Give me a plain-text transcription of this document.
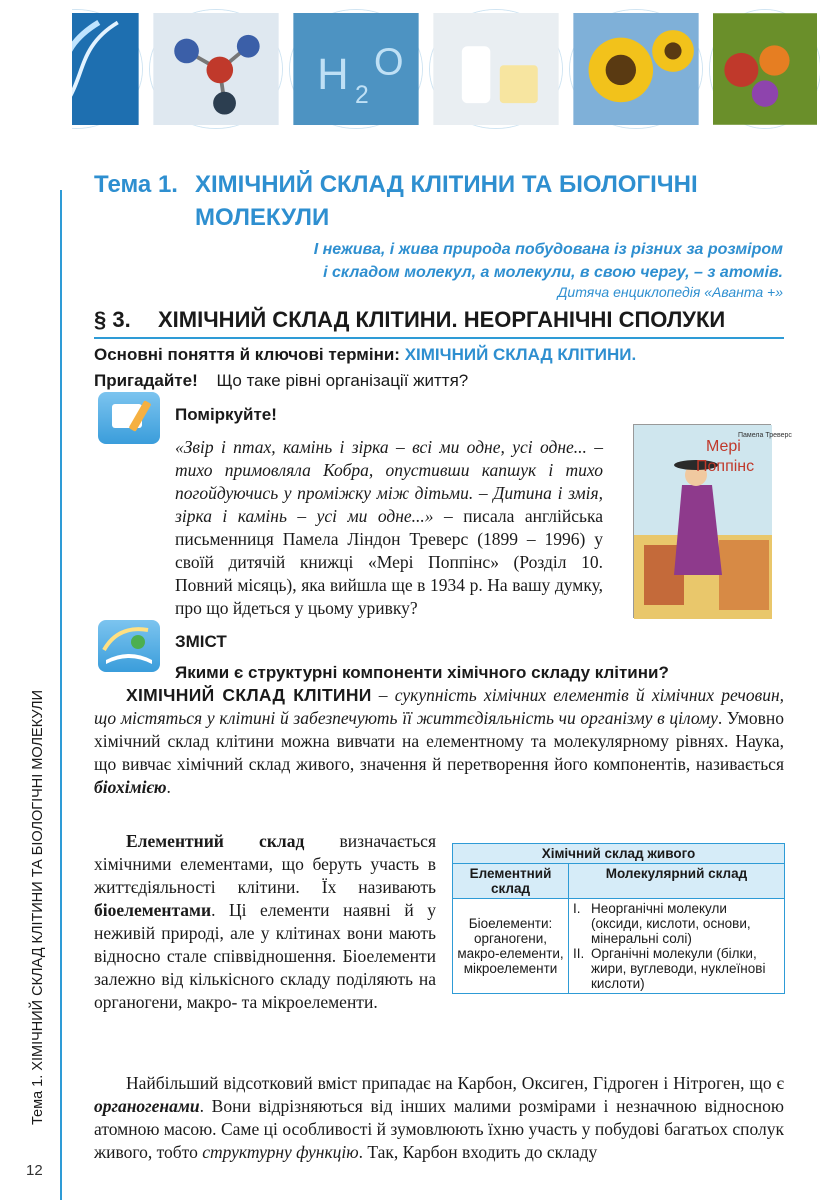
H 2
O
Тема 1. ХІМІЧНИЙ СКЛАД КЛІТИНИ ТА БІОЛОГІЧНІ МОЛЕКУЛИ
12
Тема 1. ХІМІЧНИЙ СКЛАД КЛІТИНИ ТА БІОЛОГІЧНІ МОЛЕКУЛИ
І нежива, і жива природа побудована із різних за розміром
і складом молекул, а молекули, в свою чергу, – з атомів.
Дитяча енциклопедія «Аванта +»
§ 3. ХІМІЧНИЙ СКЛАД КЛІТИНИ. НЕОРГАНІЧНІ СПОЛУКИ
Основні поняття й ключові терміни: ХІМІЧНИЙ СКЛАД КЛІТИНИ.
Пригадайте! Що таке рівні організації життя?
Поміркуйте!
«Звір і птах, камінь і зірка – всі ми одне, усі одне... – тихо примовляла Кобра, опустивши капшук і тихо погойдуючись у проміжку між дітьми. – Дитина і змія, зірка і камінь – усі ми одне...» – писала англійська письменниця Памела Ліндон Треверс (1899 – 1996) у своїй дитячій книжці «Мері Поппінс» (Розділ 10. Повний місяць), яка вийшла ще в 1934 р. На вашу думку, про що йдеться у цьому уривку?
Мері
Поппінс
Памела Треверс
ЗМІСТ
Якими є структурні компоненти хімічного складу клітини?
ХІМІЧНИЙ СКЛАД КЛІТИНИ – сукупність хімічних елементів й хімічних речовин, що містяться у клітині й забезпечують її життєдіяльність чи організму в цілому. Умовно хімічний склад клітини можна вивчати на елементному та молекулярному рівнях. Наука, що вивчає хімічний склад живого, значення й перетворення його компонентів, називається біохімією.
Елементний склад визначається хімічними елементами, що беруть участь в життєдіяльності клітини. Їх називають біоелементами. Ці елементи наявні й у неживій природі, але у клітинах вони мають відносно стале співвідношення. Біоелементи залежно від кількісного складу поділяють на органогени, макро- та мікроелементи.
Хімічний склад живого	
Елементний склад	Молекулярний склад
Біоелементи: органогени, макро-елементи, мікроелементи	I. Неорганічні молекули (оксиди, кислоти, основи, мінеральні солі)
II. Органічні молекули (білки, жири, вуглеводи, нуклеїнові кислоти)
Найбільший відсотковий вміст припадає на Карбон, Оксиген, Гідроген і Нітроген, що є органогенами. Вони відрізняються від інших малими розмірами і незначною відносною атомною масою. Саме ці особливості й зумовлюють їхню участь у побудові багатьох сполук живого, тобто структурну функцію. Так, Карбон входить до складу
